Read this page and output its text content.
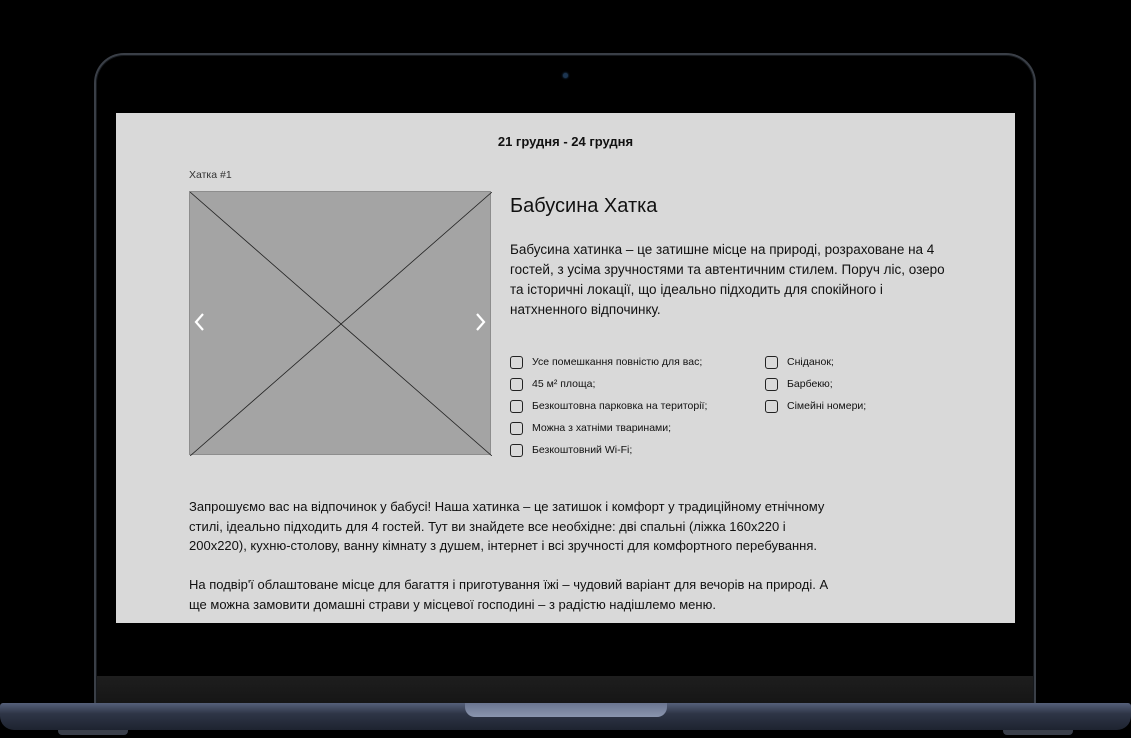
21 грудня - 24 грудня
Хатка #1
Бабусина Хатка
Бабусина хатинка – це затишне місце на природі, розраховане на 4 гостей, з усіма зручностями та автентичним стилем. Поруч ліс, озеро та історичні локації, що ідеально підходить для спокійного і натхненного відпочинку.
Усе помешкання повністю для вас;
45 м² площа;
Безкоштовна парковка на території;
Можна з хатніми тваринами;
Безкоштовний Wi-Fi;
Сніданок;
Барбекю;
Сімейні номери;

Запрошуємо вас на відпочинок у бабусі! Наша хатинка – це затишок і комфорт у традиційному етнічному стилі, ідеально підходить для 4 гостей. Тут ви знайдете все необхідне: дві спальні (ліжка 160x220 і 200x220), кухню-столову, ванну кімнату з душем, інтернет і всі зручності для комфортного перебування.

На подвір'ї облаштоване місце для багаття і приготування їжі – чудовий варіант для вечорів на природі. А ще можна замовити домашні страви у місцевої господині – з радістю надішлемо меню.
